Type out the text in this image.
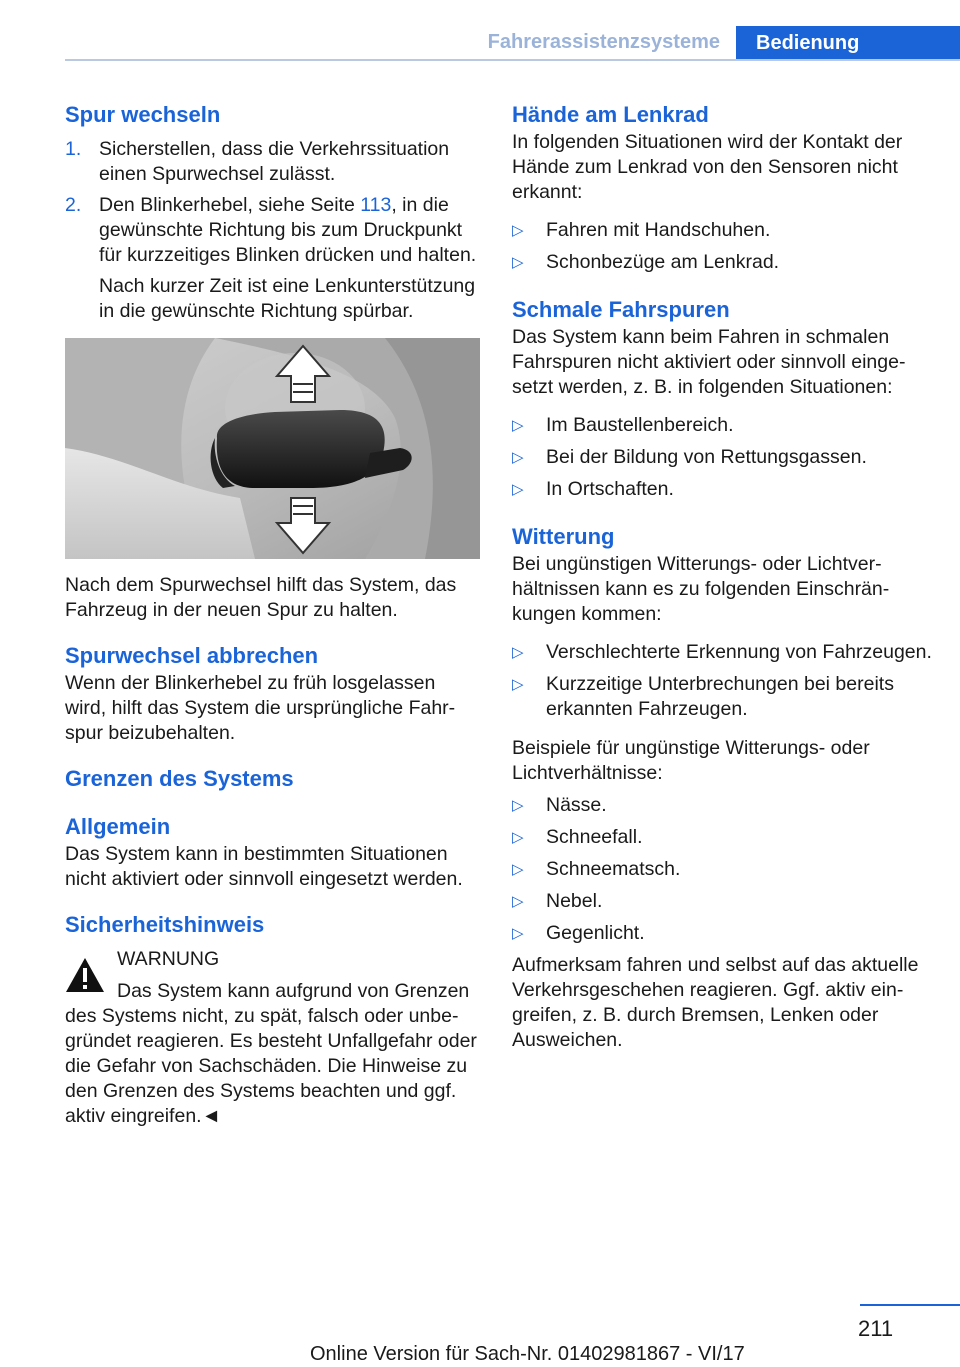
Fahrerassistenzsysteme	Bedienung
Spur wechseln
1. Sicherstellen, dass die Verkehrssituation einen Spurwechsel zulässt.
2. Den Blinkerhebel, siehe Seite 113, in die gewünschte Richtung bis zum Druckpunkt für kurzzeitiges Blinken drücken und halten.

Nach kurzer Zeit ist eine Lenkunterstützung in die gewünschte Richtung spürbar.

Nach dem Spurwechsel hilft das System, das Fahrzeug in der neuen Spur zu halten.

Spurwechsel abbrechen

Wenn der Blinkerhebel zu früh losgelassen wird, hilft das System die ursprüngliche Fahrspur beizubehalten.

Grenzen des Systems
Allgemein

Das System kann in bestimmten Situationen nicht aktiviert oder sinnvoll eingesetzt werden.

Sicherheitshinweis

WARNUNG

Das System kann aufgrund von Grenzen

des Systems nicht, zu spät, falsch oder unbegründet reagieren. Es besteht Unfallgefahr oder die Gefahr von Sachschäden. Die Hinweise zu den Grenzen des Systems beachten und ggf. aktiv eingreifen.◄

Hände am Lenkrad

In folgenden Situationen wird der Kontakt der Hände zum Lenkrad von den Sensoren nicht erkannt:

▷ Fahren mit Handschuhen.
▷ Schonbezüge am Lenkrad.
Schmale Fahrspuren

Das System kann beim Fahren in schmalen Fahrspuren nicht aktiviert oder sinnvoll eingesetzt werden, z. B. in folgenden Situationen:

▷ Im Baustellenbereich.
▷ Bei der Bildung von Rettungsgassen.
▷ In Ortschaften.
Witterung

Bei ungünstigen Witterungs- oder Lichtverhältnissen kann es zu folgenden Einschränkungen kommen:

▷ Verschlechterte Erkennung von Fahrzeugen.
▷ Kurzzeitige Unterbrechungen bei bereits erkannten Fahrzeugen.

Beispiele für ungünstige Witterungs- oder Lichtverhältnisse:

▷ Nässe.
▷ Schneefall.
▷ Schneematsch.
▷ Nebel.
▷ Gegenlicht.

Aufmerksam fahren und selbst auf das aktuelle Verkehrsgeschehen reagieren. Ggf. aktiv eingreifen, z. B. durch Bremsen, Lenken oder Ausweichen.

211
Online Version für Sach-Nr. 01402981867 - VI/17
